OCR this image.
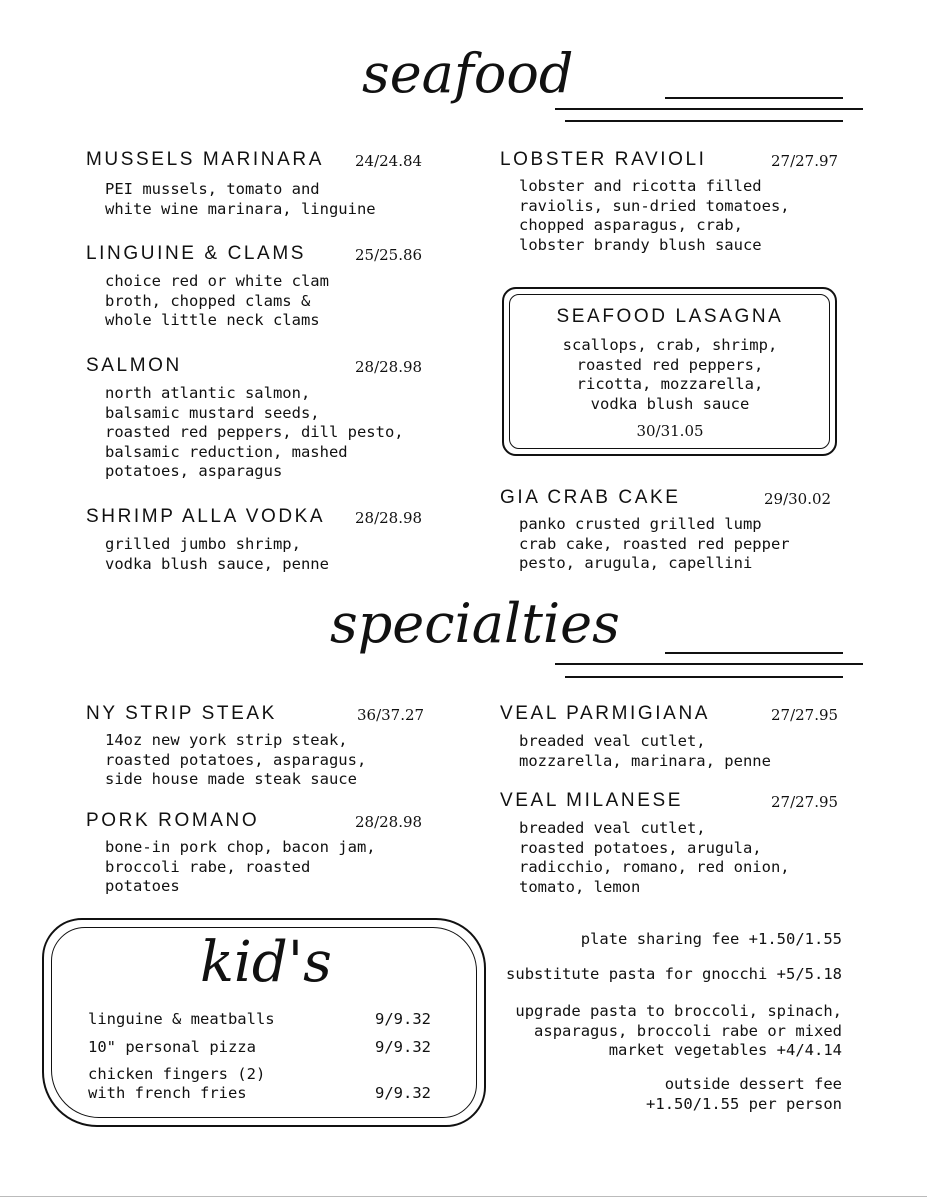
seafood
MUSSELS MARINARA 24/24.84
PEI mussels, tomato and
white wine marinara, linguine
LINGUINE & CLAMS	25/25.86
choice red or white clam
broth, chopped clams &
whole little neck clams
SALMON	28/28.98
north atlantic salmon,
balsamic mustard seeds,
roasted red peppers, dill pesto,
balsamic reduction, mashed
potatoes, asparagus
SHRIMP ALLA VODKA 28/28.98
grilled jumbo shrimp,
vodka blush sauce, penne
LOBSTER RAVIOLI	27/27.97
lobster and ricotta filled
raviolis, sun-dried tomatoes,
chopped asparagus, crab,
lobster brandy blush sauce
SEAFOOD LASAGNA
scallops, crab, shrimp,
roasted red peppers,
ricotta, mozzarella,
vodka blush sauce
30/31.05
GIA CRAB CAKE	29/30.02
panko crusted grilled lump
crab cake, roasted red pepper
pesto, arugula, capellini
specialties
NY STRIP STEAK	36/37.27
14oz new york strip steak,
roasted potatoes, asparagus,
side house made steak sauce
PORK ROMANO	28/28.98
bone-in pork chop, bacon jam,
broccoli rabe, roasted
potatoes
VEAL PARMIGIANA	27/27.95
breaded veal cutlet,
mozzarella, marinara, penne
VEAL MILANESE	27/27.95
breaded veal cutlet,
roasted potatoes, arugula,
radicchio, romano, red onion,
tomato, lemon
kid's
linguine & meatballs	9/9.32
10" personal pizza	9/9.32
chicken fingers (2)
with french fries	9/9.32
plate sharing fee +1.50/1.55
substitute pasta for gnocchi +5/5.18
upgrade pasta to broccoli, spinach,
asparagus, broccoli rabe or mixed
market vegetables +4/4.14
outside dessert fee
+1.50/1.55 per person
